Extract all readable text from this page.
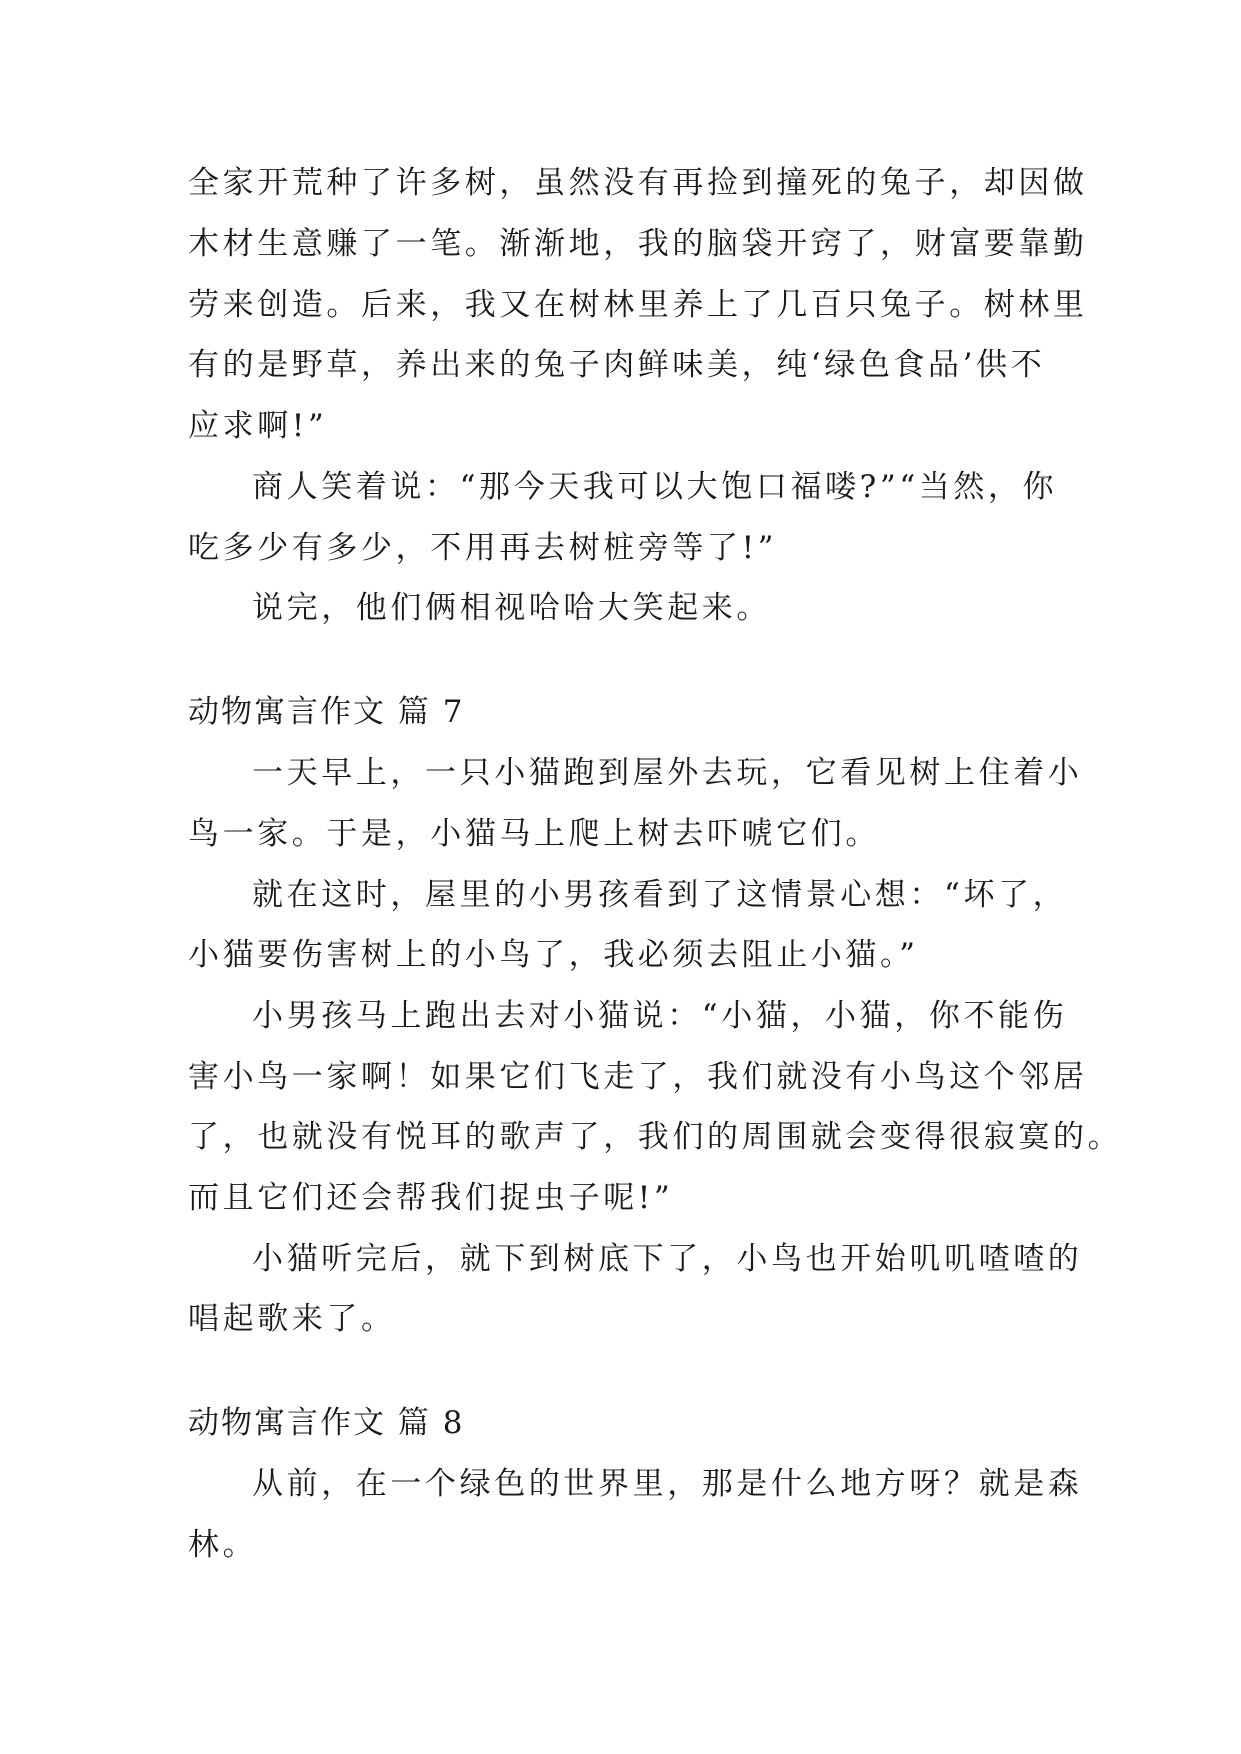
全家开荒种了许多树，虽然没有再捡到撞死的兔子，却因做
木材生意赚了一笔。渐渐地，我的脑袋开窍了，财富要靠勤
劳来创造。后来，我又在树林里养上了几百只兔子。树林里
有的是野草，养出来的兔子肉鲜味美，纯‘绿色食品’供不
应求啊!”
商人笑着说：“那今天我可以大饱口福喽?”“当然，你
吃多少有多少，不用再去树桩旁等了!”
说完，他们俩相视哈哈大笑起来。
动物寓言作文 篇 7
一天早上，一只小猫跑到屋外去玩，它看见树上住着小
鸟一家。于是，小猫马上爬上树去吓唬它们。
就在这时，屋里的小男孩看到了这情景心想：“坏了，
小猫要伤害树上的小鸟了，我必须去阻止小猫。”
小男孩马上跑出去对小猫说：“小猫，小猫，你不能伤
害小鸟一家啊！如果它们飞走了，我们就没有小鸟这个邻居
了，也就没有悦耳的歌声了，我们的周围就会变得很寂寞的。
而且它们还会帮我们捉虫子呢!”
小猫听完后，就下到树底下了，小鸟也开始叽叽喳喳的
唱起歌来了。
动物寓言作文 篇 8
从前，在一个绿色的世界里，那是什么地方呀？就是森
林。
